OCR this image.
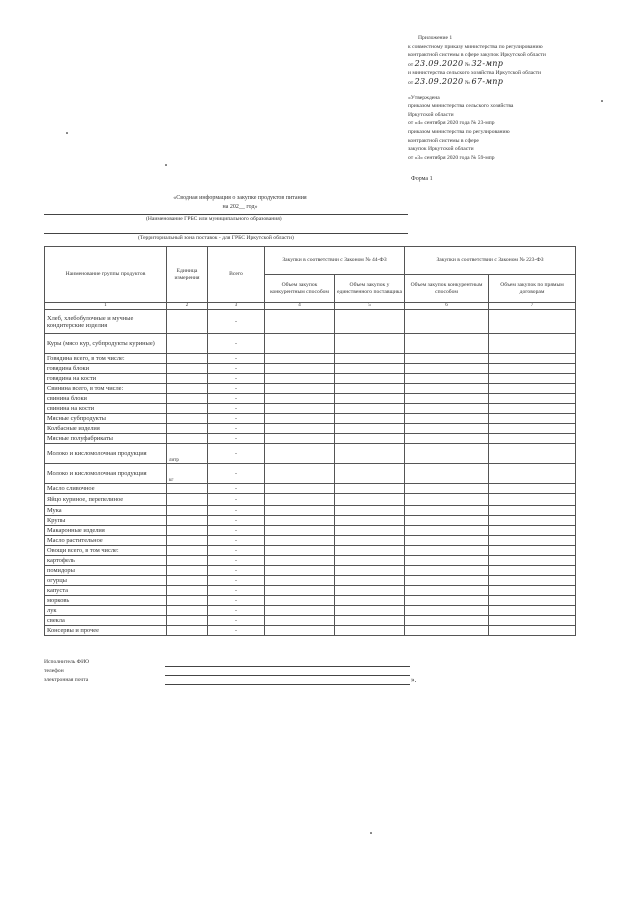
Приложение 1
к совместному приказу министерства по регулированию
контрактной системы в сфере закупок Иркутской области
от 23.09.2020 № 32-мпр
и министерства сельского хозяйства Иркутской области
от 23.09.2020 № 67-мпр
«Утверждена
приказом министерства сельского хозяйства
Иркутской области
от «4» сентября 2020 года № 23-мпр
приказом министерства по регулированию
контрактной системы в сфере
закупок Иркутской области
от «3» сентября 2020 года № 59-мпр
Форма 1
«Сводная информация о закупке продуктов питания
на 202__ год»
(Наименование ГРБС или муниципального образования)
(Территориальный зона поставок - для ГРБС Иркутской области)
Наименование группы продуктов	Единица измерения	Всего	Закупки в соответствии с Законом № 44-ФЗ		Закупки в соответствии с Законом № 223-ФЗ	
			Объем закупок конкурентным способом	Объем закупок у единственного поставщика	Объем закупок конкурентным способом	Объем закупок по прямым договорам
1	2	3	4	5	6	7
Хлеб, хлебобулочные и мучные кондитерские изделия		-				
Куры (мясо кур, субпродукты куриные)		-				
Говядина всего, в том числе:		-				
говядина блоки		-				
говядина на кости		-				
Свинина всего, в том числе:		-				
свинина блоки		-				
свинина на кости		-				
Мясные субпродукты		-				
Колбасные изделия		-				
Мясные полуфабрикаты		-				
Молоко и кисломолочная продукция	литр	-				
Молоко и кисломолочная продукция	кг	-				
Масло сливочное		-				
Яйцо куриное, перепелиное		-				
Мука		-				
Крупы		-				
Макаронные изделия		-				
Масло растительное		-				
Овощи всего, в том числе:		-				
картофель		-				
помидоры		-				
огурцы		-				
капуста		-				
морковь		-				
лук		-				
свекла		-				
Консервы и прочее		-				
Исполнитель ФИО
телефон
электронная почта	».
